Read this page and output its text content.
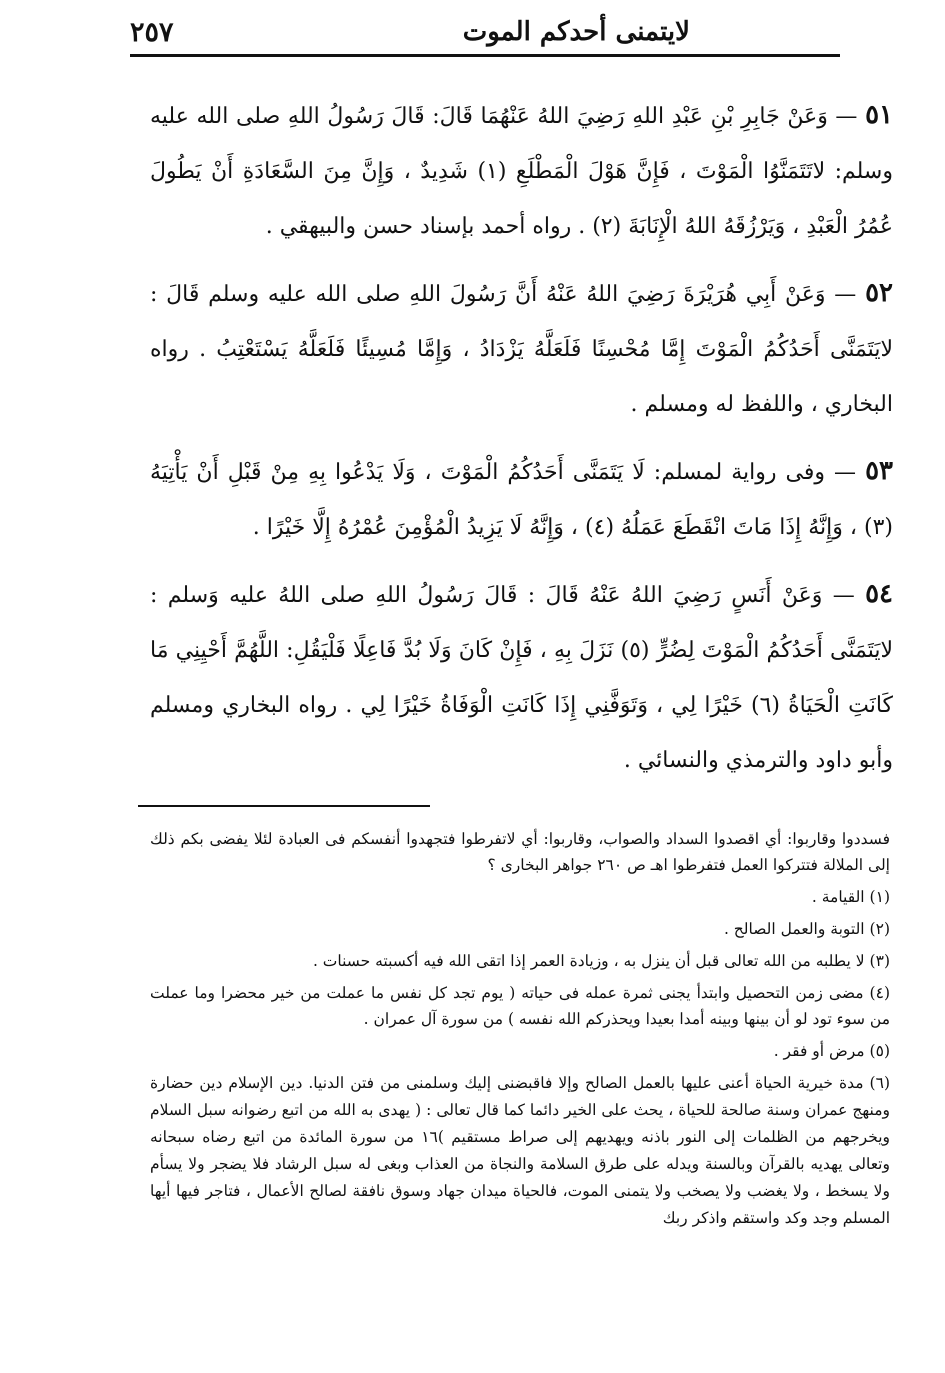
٢٥٧	لايتمنى أحدكم الموت

٥١ — وَعَنْ جَابِرِ بْنِ عَبْدِ اللهِ رَضِيَ اللهُ عَنْهُمَا قَالَ: قَالَ رَسُولُ اللهِ صلى الله عليه وسلم: لاتَتَمَنَّوُا الْمَوْتَ ، فَإِنَّ هَوْلَ الْمَطْلَعِ (١) شَدِيدٌ ، وَإِنَّ مِنَ السَّعَادَةِ أَنْ يَطُولَ عُمُرُ الْعَبْدِ ، وَيَرْزُقَهُ اللهُ الْإِنَابَةَ (٢) . رواه أحمد بإسناد حسن والبيهقي .

٥٢ — وَعَنْ أَبِي هُرَيْرَةَ رَضِيَ اللهُ عَنْهُ أَنَّ رَسُولَ اللهِ صلى الله عليه وسلم قَالَ : لايَتَمَنَّى أَحَدُكُمُ الْمَوْتَ إِمَّا مُحْسِنًا فَلَعَلَّهُ يَزْدَادُ ، وَإِمَّا مُسِيئًا فَلَعَلَّهُ يَسْتَعْتِبُ . رواه البخاري ، واللفظ له ومسلم .

٥٣ — وفى رواية لمسلم: لَا يَتَمَنَّى أَحَدُكُمُ الْمَوْتَ ، وَلَا يَدْعُوا بِهِ مِنْ قَبْلِ أَنْ يَأْتِيَهُ (٣) ، وَإِنَّهُ إِذَا مَاتَ انْقَطَعَ عَمَلُهُ (٤) ، وَإِنَّهُ لَا يَزِيدُ الْمُؤْمِنَ عُمْرُهُ إِلَّا خَيْرًا .

٥٤ — وَعَنْ أَنَسٍ رَضِيَ اللهُ عَنْهُ قَالَ : قَالَ رَسُولُ اللهِ صلى اللهُ عليه وَسلم : لايَتَمَنَّى أَحَدُكُمُ الْمَوْتَ لِضُرٍّ (٥) نَزَلَ بِهِ ، فَإِنْ كَانَ وَلَا بُدَّ فَاعِلًا فَلْيَقُلِ: اللَّهُمَّ أَحْيِنِي مَا كَانَتِ الْحَيَاةُ (٦) خَيْرًا لِي ، وَتَوَفَّنِي إِذَا كَانَتِ الْوَفَاةُ خَيْرًا لِي . رواه البخاري ومسلم وأبو داود والترمذي والنسائي .

فسددوا وقاربوا: أي اقصدوا السداد والصواب، وقاربوا: أي لاتفرطوا فتجهدوا أنفسكم فى العبادة لئلا يفضى بكم ذلك إلى الملالة فتتركوا العمل فتفرطوا اهـ ص ٢٦٠ جواهر البخارى ؟

(١) القيامة .

(٢) التوبة والعمل الصالح .

(٣) لا يطلبه من الله تعالى قبل أن ينزل به ، وزيادة العمر إذا اتقى الله فيه أكسبته حسنات .

(٤) مضى زمن التحصيل وابتدأ يجنى ثمرة عمله فى حياته ( يوم تجد كل نفس ما عملت من خير محضرا وما عملت من سوء تود لو أن بينها وبينه أمدا بعيدا ويحذركم الله نفسه ) من سورة آل عمران .

(٥) مرض أو فقر .

(٦) مدة خيرية الحياة أعنى عليها بالعمل الصالح وإلا فاقبضنى إليك وسلمنى من فتن الدنيا. دين الإسلام دين حضارة ومنهج عمران وسنة صالحة للحياة ، يحث على الخير دائما كما قال تعالى : ( يهدى به الله من اتبع رضوانه سبل السلام ويخرجهم من الظلمات إلى النور باذنه ويهديهم إلى صراط مستقيم )١٦ من سورة المائدة من اتبع رضاه سبحانه وتعالى يهديه بالقرآن وبالسنة ويدله على طرق السلامة والنجاة من العذاب وبغى له سبل الرشاد فلا يضجر ولا يسأم ولا يسخط ، ولا يغضب ولا يصخب ولا يتمنى الموت، فالحياة ميدان جهاد وسوق نافقة لصالح الأعمال ، فتاجر فيها أيها المسلم وجد وكد واستقم واذكر ربك
